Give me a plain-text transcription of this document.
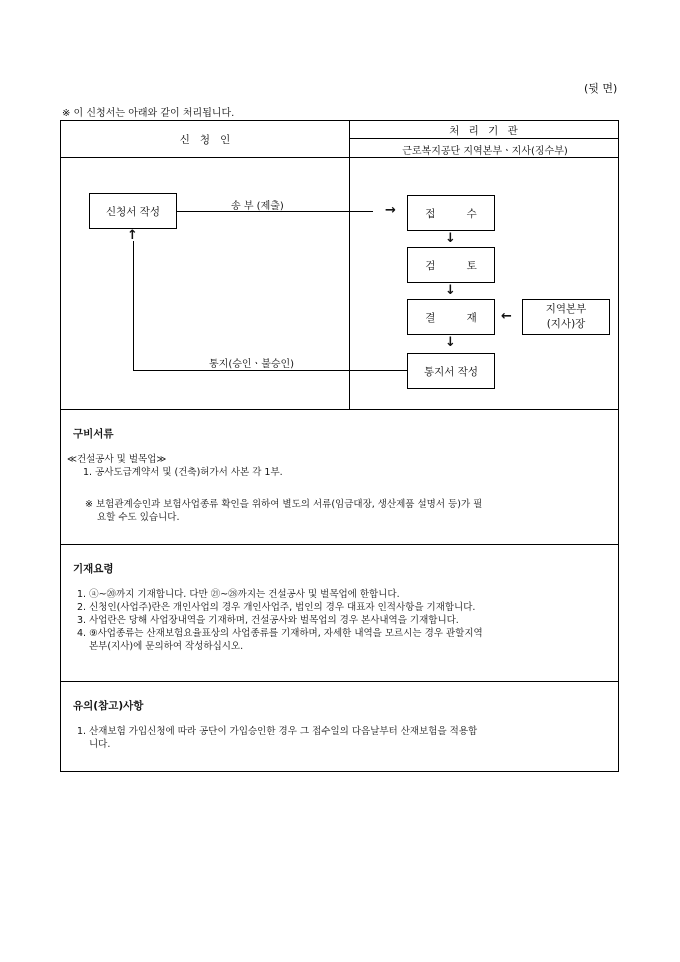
(뒷 면)
※ 이 신청서는 아래와 같이 처리됩니다.
신   청   인
처 리 기 관
근로복지공단 지역본부ㆍ지사(징수부)
신청서 작성	송 부 (제출)	→	접 수
↓
검 토
↓
결 재 ←	지역본부
(지사)장
↓
통지서 작성
통지(승인ㆍ불승인)
↑
구비서류
≪건설공사 및 벌목업≫
1. 공사도급계약서 및 (건축)허가서 사본 각 1부.
※ 보험관계승인과 보험사업종류 확인을 위하여 별도의 서류(임금대장, 생산제품 설명서 등)가 필
요할 수도 있습니다.
기재요령
1. ⓐ~⑳까지 기재합니다. 다만 ㉑~㉘까지는 건설공사 및 벌목업에 한합니다.
2. 신청인(사업주)란은 개인사업의 경우 개인사업주, 법인의 경우 대표자 인적사항을 기재합니다.
3. 사업란은 당해 사업장내역을 기재하며, 건설공사와 벌목업의 경우 본사내역을 기재합니다.
4. ⑨사업종류는 산재보험요율표상의 사업종류를 기재하며, 자세한 내역을 모르시는 경우 관할지역
본부(지사)에 문의하여 작성하십시오.
유의(참고)사항
1. 산재보험 가입신청에 따라 공단이 가입승인한 경우 그 접수일의 다음날부터 산재보험을 적용합
니다.
